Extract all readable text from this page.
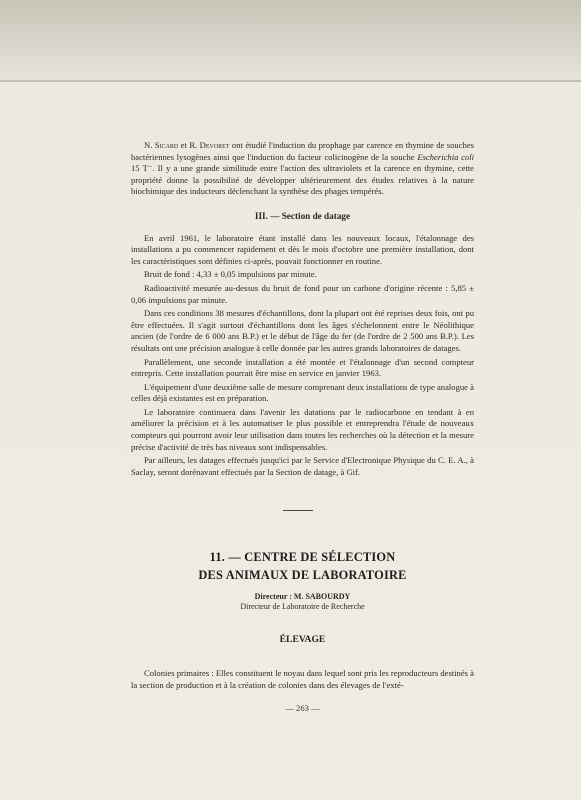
N. Sicard et R. Devoret ont étudié l'induction du prophage par carence en thymine de souches bactériennes lysogènes ainsi que l'induction du facteur colicinogène de la souche Escherichia coli 15 T⁻. Il y a une grande similitude entre l'action des ultraviolets et la carence en thymine, cette propriété donne la possibilité de développer ultérieurement des études relatives à la nature biochimique des inducteurs déclenchant la synthèse des phages tempérés.

III. — Section de datage

En avril 1961, le laboratoire étant installé dans les nouveaux locaux, l'étalonnage des installations a pu commencer rapidement et dès le mois d'octobre une première installation, dont les caractéristiques sont définies ci-après, pouvait fonctionner en routine.

Bruit de fond : 4,33 ± 0,05 impulsions par minute.

Radioactivité mesurée au-dessus du bruit de fond pour un carbone d'origine récente : 5,85 ± 0,06 impulsions par minute.

Dans ces conditions 38 mesures d'échantillons, dont la plupart ont été reprises deux fois, ont pu être effectuées. Il s'agit surtout d'échantillons dont les âges s'échelonnent entre le Néolithique ancien (de l'ordre de 6 000 ans B.P.) et le début de l'âge du fer (de l'ordre de 2 500 ans B.P.). Les résultats ont une précision analogue à celle donnée par les autres grands laboratoires de datages.

Parallèlement, une seconde installation a été montée et l'étalonnage d'un second compteur entrepris. Cette installation pourrait être mise en service en janvier 1963.

L'équipement d'une deuxième salle de mesure comprenant deux installations de type analogue à celles déjà existantes est en préparation.

Le laboratoire continuera dans l'avenir les datations par le radiocarbone en tendant à en améliorer la précision et à les automatiser le plus possible et entreprendra l'étude de nouveaux compteurs qui pourront avoir leur utilisation dans toutes les recherches où la détection et la mesure précise d'activité de très bas niveaux sont indispensables.

Par ailleurs, les datages effectués jusqu'ici par le Service d'Electronique Physique du C. E. A., à Saclay, seront dorénavant effectués par la Section de datage, à Gif.

11. — CENTRE DE SÉLECTION
DES ANIMAUX DE LABORATOIRE
Directeur : M. SABOURDY
Directeur de Laboratoire de Recherche
ÉLEVAGE

Colonies primaires : Elles constituent le noyau dans lequel sont pris les reproducteurs destinés à la section de production et à la création de colonies dans des élevages de l'exté-

— 263 —
